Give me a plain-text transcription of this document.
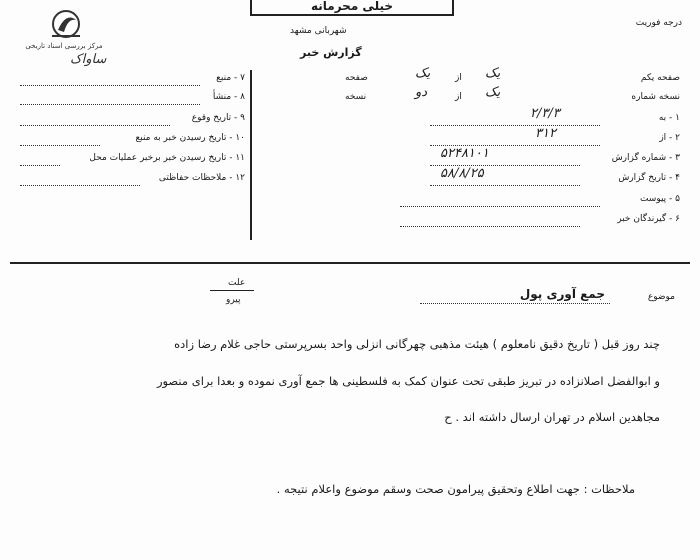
مرکز بررسی اسناد تاریخی
خیلی محرمانه
درجه فوریت
شهربانی مشهد
گزارش خبر
ساواک
صفحه یکم
یک
از
یک
صفحه
نسخه شماره
یک
از
دو
نسخه
۱ - به
۲/۳/۳
۲ - از
۳۱۲
۳ - شماره گزارش
۵۲۴۸۱۰۱
۴ - تاریخ گزارش
۵۸/۸/۲۵
۵ - پیوست
۶ - گیرندگان خبر
۷ - منبع
۸ - منشأ
۹ - تاریخ وقوع
۱۰ - تاریخ رسیدن خبر به منبع
۱۱ - تاریخ رسیدن خبر برخبر عملیات محل
۱۲ - ملاحظات حفاظتی
موضوع
جمع آوری پول
علت
پیرو
چند روز قبل ( تاریخ دقیق نامعلوم ) هیئت مذهبی چهرگانی انزلی واحد بسرپرستی حاجی غلام رضا زاده
و ابوالفضل اصلانزاده در تبریز طبقی تحت عنوان کمک به فلسطینی ها جمع آوری نموده و بعدا برای منصور
مجاهدین اسلام در تهران ارسال داشته اند . ح
ملاحظات : جهت اطلاع وتحقیق پیرامون صحت وسقم موضوع واعلام نتیجه .
